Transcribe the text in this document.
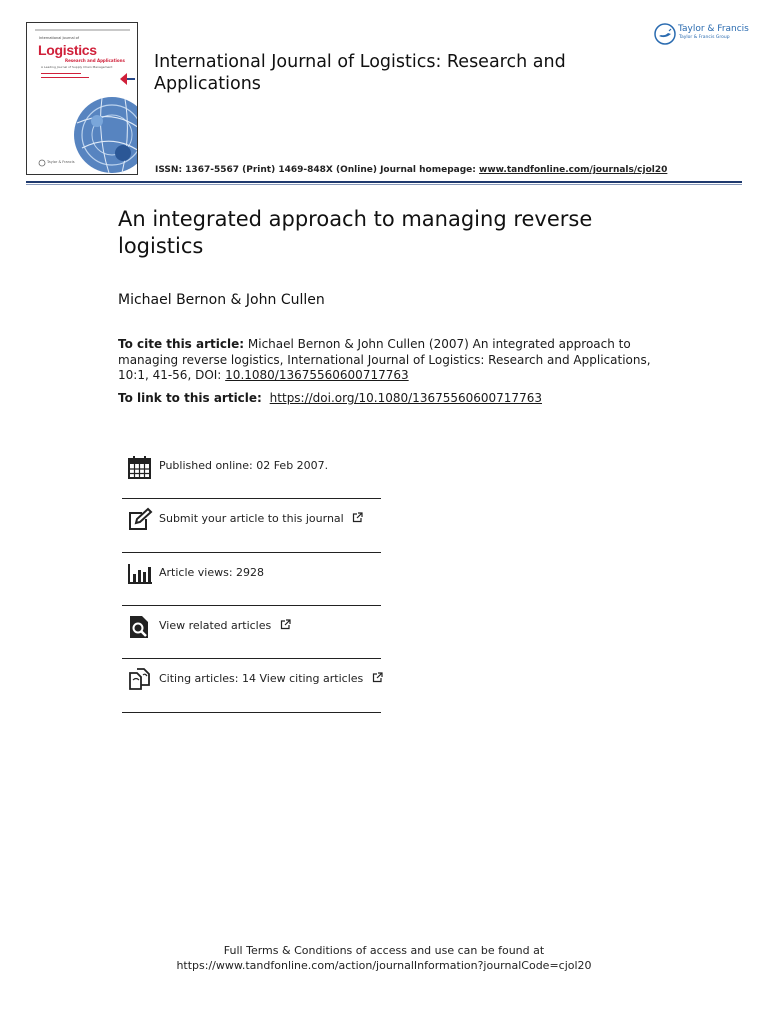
International Journal of
Logistics
Research and Applications
A Leading Journal of Supply Chain Management
Taylor & Francis
International Journal of Logistics: Research and Applications
ISSN: 1367-5567 (Print) 1469-848X (Online) Journal homepage: www.tandfonline.com/journals/cjol20
Taylor & Francis
Taylor & Francis Group
An integrated approach to managing reverse logistics
Michael Bernon & John Cullen
To cite this article: Michael Bernon & John Cullen (2007) An integrated approach to managing reverse logistics, International Journal of Logistics: Research and Applications, 10:1, 41-56, DOI: 10.1080/13675560600717763
To link to this article: https://doi.org/10.1080/13675560600717763
Published online: 02 Feb 2007.
Submit your article to this journal
Article views: 2928
View related articles
Citing articles: 14 View citing articles
Full Terms & Conditions of access and use can be found at
https://www.tandfonline.com/action/journalInformation?journalCode=cjol20
